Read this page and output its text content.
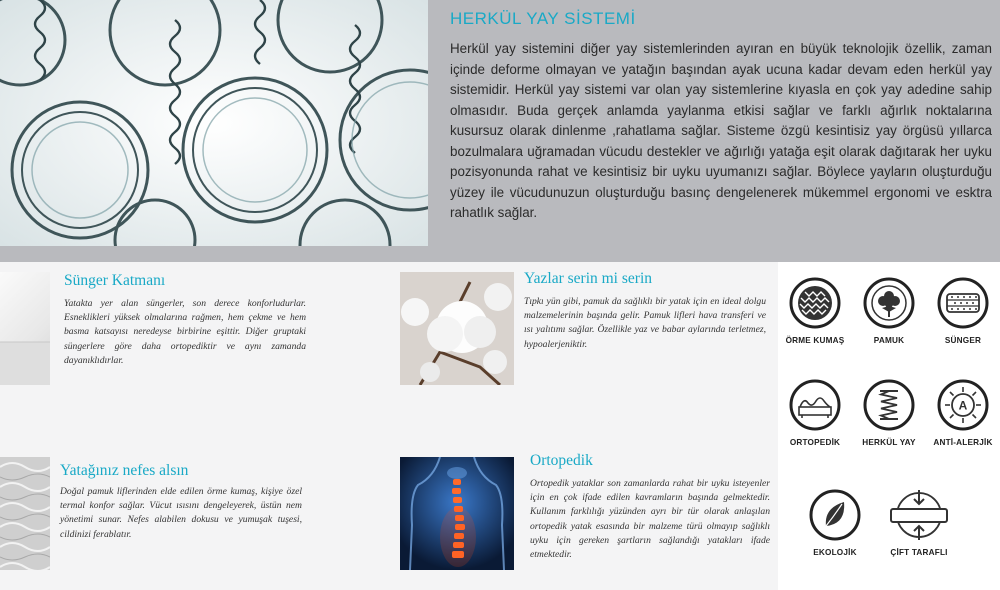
HERKÜL YAY SİSTEMİ
Herkül yay sistemini diğer yay sistemlerinden ayıran en büyük teknolojik özellik, zaman içinde deforme olmayan ve yatağın başından ayak ucuna kadar devam eden herkül yay sistemidir. Herkül yay sistemi var olan yay sistemlerine kıyasla en çok yay adedine sahip olmasıdır. Buda gerçek anlamda yaylanma etkisi sağlar ve farklı ağırlık noktalarına kusursuz olarak dinlenme ,rahatlama sağlar. Sisteme özgü kesintisiz yay örgüsü yıllarca bozulmalara uğramadan vücudu destekler ve ağırlığı yatağa eşit olarak dağıtarak her uyku pozisyonunda rahat ve kesintisiz bir uyku uyumanızı sağlar. Böylece yayların oluşturduğu yüzey ile vücudunuzun oluşturduğu basınç dengelenerek mükemmel ergonomi ve esktra rahatlık sağlar.
Sünger Katmanı
Yatakta yer alan süngerler, son derece konforludurlar. Esneklikleri yüksek olmalarına rağmen, hem çekme ve hem basma katsayısı neredeyse birbirine eşittir. Diğer gruptaki süngerlere göre daha ortopediktir ve aynı zamanda dayanıklıdırlar.
Yazlar serin mi serin
Tıpkı yün gibi, pamuk da sağlıklı bir yatak için en ideal dolgu malzemelerinin başında gelir. Pamuk lifleri hava transferi ve ısı yalıtımı sağlar. Özellikle yaz ve babar aylarında terletmez, hypoalerjeniktir.
Yatağınız nefes alsın
Doğal pamuk liflerinden elde edilen örme kumaş, kişiye özel termal konfor sağlar. Vücut ısısını dengeleyerek, üstün nem yönetimi sunar. Nefes alabilen dokusu ve yumuşak tuşesi, cildinizi ferablatır.
Ortopedik
Ortopedik yataklar son zamanlarda rahat bir uyku isteyenler için en çok ifade edilen kavramların başında gelmektedir. Kullanım farklılığı yüzünden ayrı bir tür olarak anlaşılan ortopedik yatak esasında bir malzeme türü olmayıp sağlıklı uyku için gereken şartların sağlandığı yatakları ifade etmektedir.
ÖRME KUMAŞ	PAMUK	SÜNGER
ORTOPEDİK	HERKÜL YAY
A
ANTİ-ALERJİK
EKOLOJİK	ÇİFT TARAFLI
